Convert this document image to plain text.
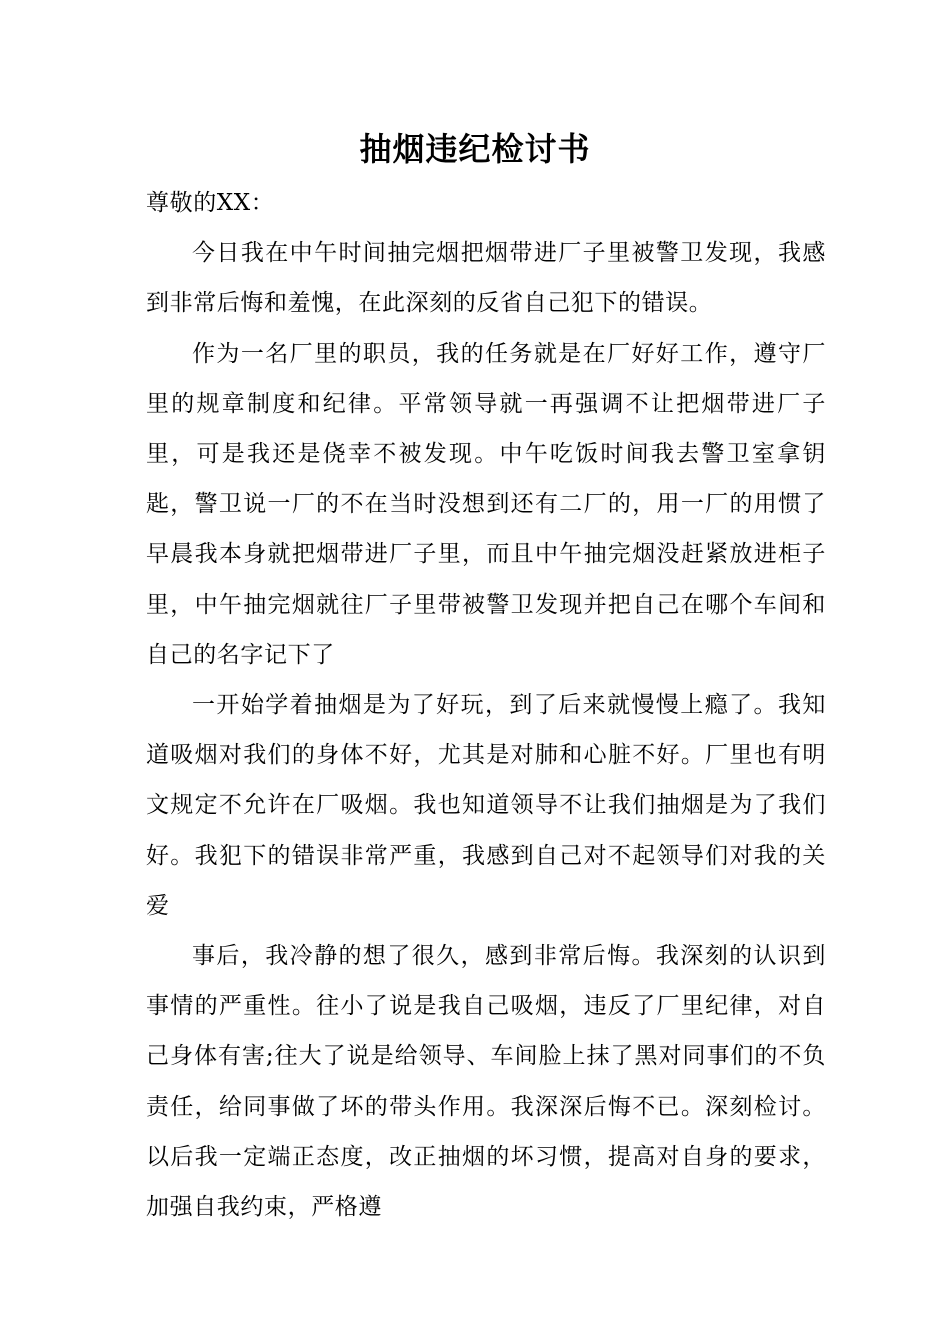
抽烟违纪检讨书

尊敬的XX：

今日我在中午时间抽完烟把烟带进厂子里被警卫发现，我感到非常后悔和羞愧，在此深刻的反省自己犯下的错误。

作为一名厂里的职员，我的任务就是在厂好好工作，遵守厂里的规章制度和纪律。平常领导就一再强调不让把烟带进厂子里，可是我还是侥幸不被发现。中午吃饭时间我去警卫室拿钥匙，警卫说一厂的不在当时没想到还有二厂的，用一厂的用惯了早晨我本身就把烟带进厂子里，而且中午抽完烟没赶紧放进柜子里，中午抽完烟就往厂子里带被警卫发现并把自己在哪个车间和自己的名字记下了

一开始学着抽烟是为了好玩，到了后来就慢慢上瘾了。我知道吸烟对我们的身体不好，尤其是对肺和心脏不好。厂里也有明文规定不允许在厂吸烟。我也知道领导不让我们抽烟是为了我们好。我犯下的错误非常严重，我感到自己对不起领导们对我的关爱

事后，我冷静的想了很久，感到非常后悔。我深刻的认识到事情的严重性。往小了说是我自己吸烟，违反了厂里纪律，对自己身体有害;往大了说是给领导、车间脸上抹了黑对同事们的不负责任，给同事做了坏的带头作用。我深深后悔不已。深刻检讨。以后我一定端正态度，改正抽烟的坏习惯，提高对自身的要求，加强自我约束，严格遵
